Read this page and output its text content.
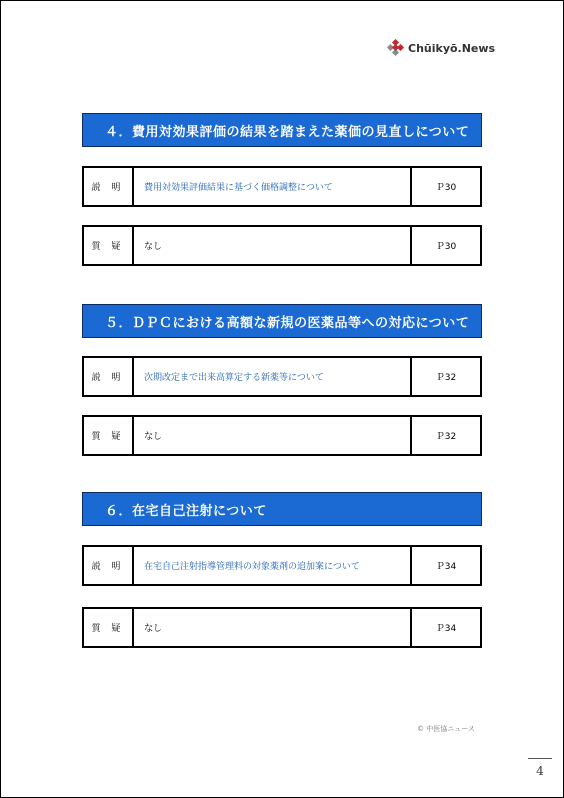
Chūikyō.News
４．費用対効果評価の結果を踏まえた薬価の見直しについて
説 明	費用対効果評価結果に基づく価格調整について	Ｐ30
質 疑	なし	Ｐ30
５．ＤＰＣにおける高額な新規の医薬品等への対応について
説 明	次期改定まで出来高算定する新薬等について	Ｐ32
質 疑	なし	Ｐ32
６．在宅自己注射について
説 明	在宅自己注射指導管理料の対象薬剤の追加案について	Ｐ34
質 疑	なし	Ｐ34
© 中医協ニュース
4
